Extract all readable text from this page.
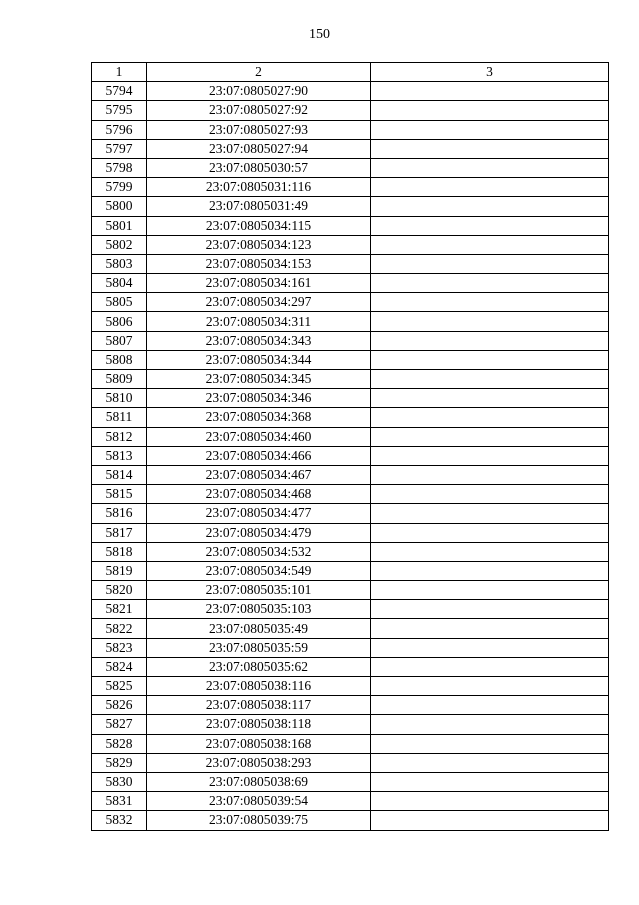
150
1	2	3
5794	23:07:0805027:90	
5795	23:07:0805027:92	
5796	23:07:0805027:93	
5797	23:07:0805027:94	
5798	23:07:0805030:57	
5799	23:07:0805031:116	
5800	23:07:0805031:49	
5801	23:07:0805034:115	
5802	23:07:0805034:123	
5803	23:07:0805034:153	
5804	23:07:0805034:161	
5805	23:07:0805034:297	
5806	23:07:0805034:311	
5807	23:07:0805034:343	
5808	23:07:0805034:344	
5809	23:07:0805034:345	
5810	23:07:0805034:346	
5811	23:07:0805034:368	
5812	23:07:0805034:460	
5813	23:07:0805034:466	
5814	23:07:0805034:467	
5815	23:07:0805034:468	
5816	23:07:0805034:477	
5817	23:07:0805034:479	
5818	23:07:0805034:532	
5819	23:07:0805034:549	
5820	23:07:0805035:101	
5821	23:07:0805035:103	
5822	23:07:0805035:49	
5823	23:07:0805035:59	
5824	23:07:0805035:62	
5825	23:07:0805038:116	
5826	23:07:0805038:117	
5827	23:07:0805038:118	
5828	23:07:0805038:168	
5829	23:07:0805038:293	
5830	23:07:0805038:69	
5831	23:07:0805039:54	
5832	23:07:0805039:75	
